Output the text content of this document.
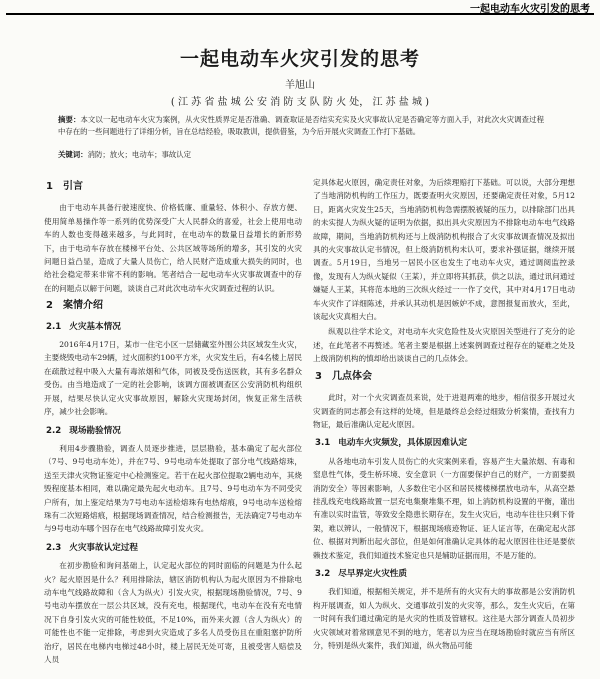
一起电动车火灾引发的思考
一起电动车火灾引发的思考
羊旭山
( 江 苏 省 盐 城 公 安 消 防 支 队 防 火 处， 江 苏 盐 城 )
摘要：本文以一起电动车火灾为案例，从火灾性质界定是否准确、调查取证是否结实充实及火灾事故认定是否确定等方面入手，对此次火灾调查过程中存在的一些问题进行了详细分析，旨在总结经验，吸取教训，提供借鉴，为今后开展火灾调查工作打下基础。
关键词：消防；放火；电动车；事故认定
1 引言

由于电动车具备行驶速度快、价格低廉、重量轻、体积小、存放方便、使用简单易操作等一系列的优势深受广大人民群众的喜爱，社会上使用电动车的人数也变得越来越多，与此同时，在电动车的数量日益增长的新形势下，由于电动车存放在楼梯平台处、公共区域等场所的增多，其引发的火灾问题日益凸显，造成了大量人员伤亡，给人民财产造成重大损失的同时，也给社会稳定带来非常不利的影响。笔者结合一起电动车火灾事故调查中的存在的问题点以解于问题，谈谈自己对此次电动车火灾调查过程的认识。

2 案情介绍
2.1 火灾基本情况

2016年4月17日，某市一住宅小区一层储藏室外围公共区域发生火灾，主要烧毁电动车29辆，过火面积约100平方米，火灾发生后，有4名楼上居民在疏散过程中吸入大量有毒浓烟和气体，同被及受伤送医救，其有多名群众受伤。由当地造成了一定的社会影响，该调方面被调查区公安消防机构组织开展，结果尽快认定火灾事故原因，解除火灾现场封闭，恢复正常生活秩序，减少社会影响。

2.2 现场勘验情况

利用4步骤勘验，调查人员逐步推进，层层勘验，基本确定了起火部位（7号、9号电动车处），并在7号、9号电动车处提取了部分电气线路熔珠，送至天津火灾物证鉴定中心检测鉴定。若干在起火部位提取2辆电动车，其烧毁程度基本相同，难以确定最先起火电动车。且7号、9号电动车为不同受灾户所有，加上鉴定结果为7号电动车送检熔珠有电热熔痕，9号电动车送检熔珠有二次短路熔痕，根据现场调查情况，结合检测报告，无法确定7号电动车与9号电动车哪个因存在电气线路故障引发火灾。

2.3 火灾事故认定过程

在初步勘验和询问基础上，认定起火部位的同时面临的问题是为什么起火？起火原因是什么？利用排除法，辖区消防机构认为起火原因为不排除电动车电气线路故障和（含人为纵火）引发火灾，根据现场勘验情况，7号、9号电动车摆放在一层公共区域，没有充电，根据现代，电动车在没有充电情况下自身引发火灾的可能性较低，不足10%，而外来火源（含人为纵火）的可能性也不能一定排除，考虑到火灾造成了多名人员受伤且在重阻塞护防所治疗，居民在电梯内电梯过48小时，楼上居民无处可寄，且被受害人赔偿及人员

定具体起火原因，确定责任对象，为后续理赔打下基础。可以说，大部分理想了当地消防机构的工作压力，既要查明火灾原因，还要确定责任对象，5月12日，距离火灾发生25天，当地消防机构急需摆脱被疑的压力，以排除部门出具的未实提人为纵火疑的证明为依据，拟出具火灾原因为不排除电动车电气线路故障，期间，当地消防机构还与上级消防机构报合了火灾事故调查情况及拟出具的火灾事故认定书情况，但上级消防机构未认可，要求补强证据，继续开展调查。5月19日，当地另一居民小区也发生了电动车火灾，通过调阅监控录像，发现有人为纵火疑似（王某），并立即将其抓获，供之以法，通过讯问通过嫌疑人王某，其将范本地的三次纵火经过一一作了交代，其中对4月17日电动车火灾作了详细陈述，并承认其动机是因嫉妒不成，意图报复而放火，至此，该起火灾真相大白。

纵观以往学术论文，对电动车火灾危险性及火灾原因关型进行了充分的论述，在此笔者不再赘述。笔者主要是根据上述案例调查过程存在的疑难之处及上级消防机构的慎却给出谈谈自己的几点体会。

3 几点体会

此时，对一个火灾调查员来说，处于进退两难的地步，相信很多开展过火灾调查的同志都会有这样的处境，但是最终总会经过细致分析案情，查找有力物证，最后准确认定起火原因。

3.1 电动车火灾频发，具体原因难认定

从各地电动车引发人员伤亡的火灾案例来看，容易产生大量浓烟、有毒和窒息性气体，受生桥环境、安全意识（一方面要保护自己的财产，一方面要损消防安全）等因素影响，人多数住宅小区和居民楼楼梯摆放电动车，从高空悬挂乱线充电线路故置一层充电集聚堆集不理，如上消防机构设置的平衡，谨出有准以实时监管，等致安全隐患长期存在，发生火灾后，电动车往往只剩下骨架，难以辨认，一般情况下，根据现场痕迹物证、证人证言等，在确定起火部位、根据对判断出起火部位，但是如何准确认定具体的起火原因往往还是要依赖技术鉴定，我们知道技术鉴定也只是辅助证据而用，不是万能的。

3.2 尽早界定火灾性质

我们知道，根据相关规定，并不是所有的火灾有大的事故都是公安消防机构开展调查，如人为纵火、交通事故引发的火灾等，那么，发生火灾后，在第一时间有我们通过确定的是火灾的性质及管辖权。这往是大部分调查人员初步火灾领域对着常顾意见不到的地方，笔者以为应当在现场勘验时就应当有所区分，特别是纵火案件，我们知道，纵火物品可能
